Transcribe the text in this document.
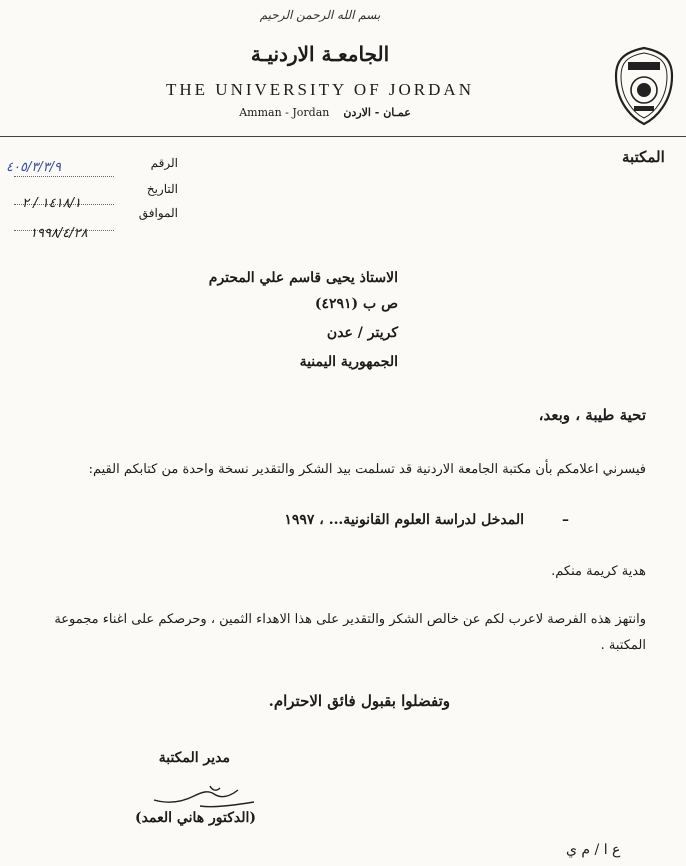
بسم الله الرحمن الرحيم
الجامعـة الاردنيـة
THE UNIVERSITY OF JORDAN
Amman - Jordan عمـان - الاردن
المكتبة
الرقم
٤٠٥/٣/٣/٩
التاريخ
١٤١٨/١ / ٢
الموافق
١٩٩٨/٤/٢٨
الاستاذ يحيى قاسم علي المحترم
ص ب (٤٢٩١)
كريتر / عدن
الجمهورية اليمنية
تحية طيبة ، وبعد،
فيسرني اعلامكم بأن مكتبة الجامعة الاردنية قد تسلمت بيد الشكر والتقدير نسخة واحدة من كتابكم القيم:
–
المدخل لدراسة العلوم القانونية... ، ١٩٩٧
هدية كريمة منكم.
وانتهز هذه الفرصة لاعرب لكم عن خالص الشكر والتقدير على هذا الاهداء الثمين ، وحرصكم على اغناء مجموعة
المكتبة .
وتفضلوا بقبول فائق الاحترام.
مدير المكتبة
(الدكتور هاني العمد)
ع ا / م ي
